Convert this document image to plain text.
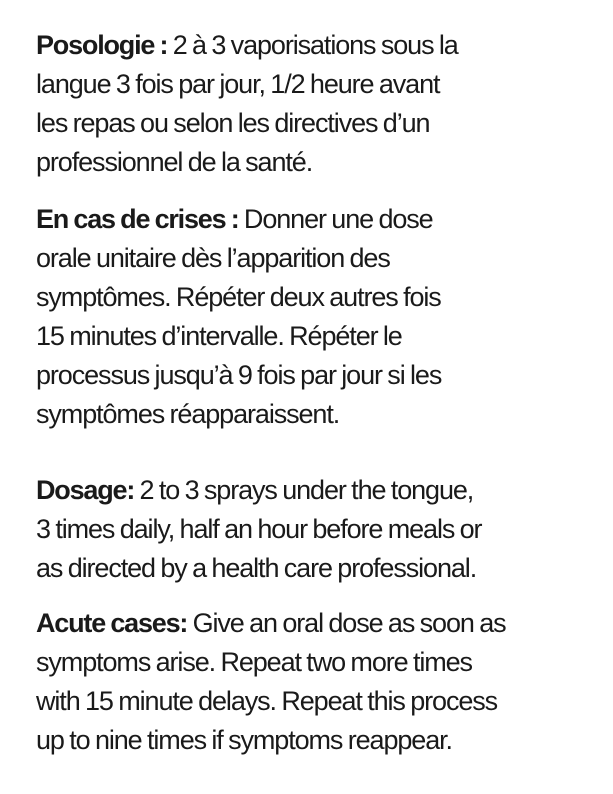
Posologie : 2 à 3 vaporisations sous la
langue 3 fois par jour, 1/2 heure avant
les repas ou selon les directives d’un
professionnel de la santé.

En cas de crises : Donner une dose
orale unitaire dès l’apparition des
symptômes. Répéter deux autres fois
15 minutes d’intervalle. Répéter le
processus jusqu’à 9 fois par jour si les
symptômes réapparaissent.

Dosage: 2 to 3 sprays under the tongue,
3 times daily, half an hour before meals or
as directed by a health care professional.

Acute cases: Give an oral dose as soon as
symptoms arise. Repeat two more times
with 15 minute delays. Repeat this process
up to nine times if symptoms reappear.
